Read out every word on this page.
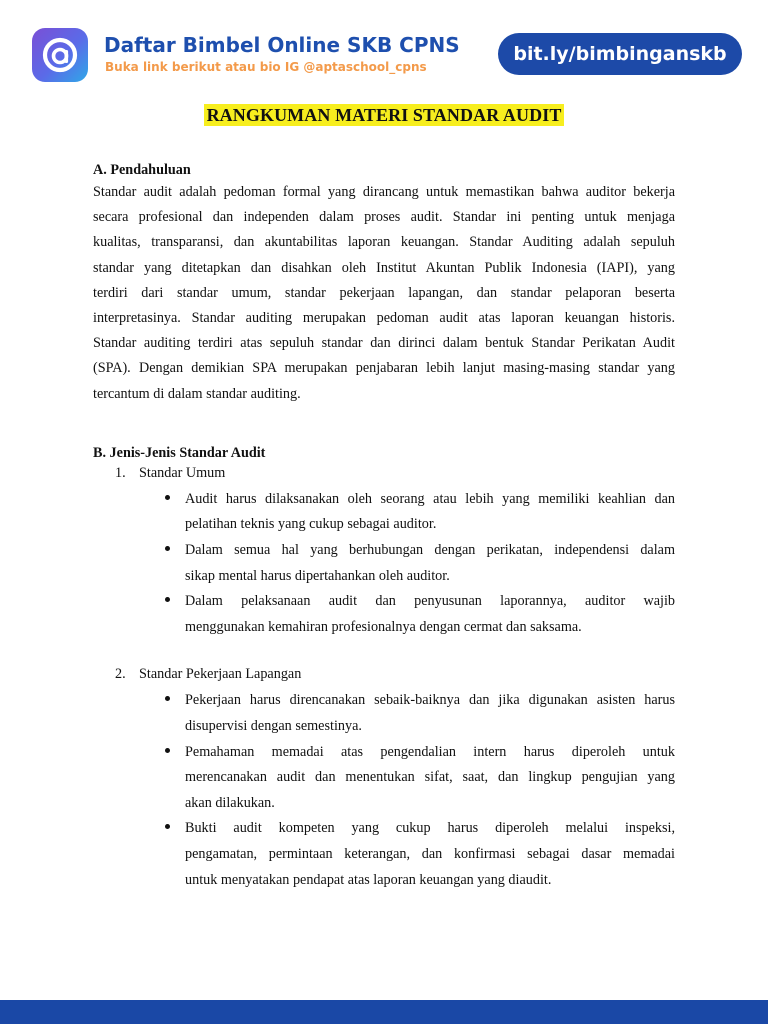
Daftar Bimbel Online SKB CPNS
Buka link berikut atau bio IG @aptaschool_cpns
bit.ly/bimbinganskb
RANGKUMAN MATERI STANDAR AUDIT
A. Pendahuluan

Standar audit adalah pedoman formal yang dirancang untuk memastikan bahwa auditor bekerja
secara profesional dan independen dalam proses audit. Standar ini penting untuk menjaga
kualitas, transparansi, dan akuntabilitas laporan keuangan. Standar Auditing adalah sepuluh
standar yang ditetapkan dan disahkan oleh Institut Akuntan Publik Indonesia (IAPI), yang
terdiri dari standar umum, standar pekerjaan lapangan, dan standar pelaporan beserta
interpretasinya. Standar auditing merupakan pedoman audit atas laporan keuangan historis.
Standar auditing terdiri atas sepuluh standar dan dirinci dalam bentuk Standar Perikatan Audit
(SPA). Dengan demikian SPA merupakan penjabaran lebih lanjut masing-masing standar yang
tercantum di dalam standar auditing.

B. Jenis-Jenis Standar Audit
1. Standar Umum
Audit harus dilaksanakan oleh seorang atau lebih yang memiliki keahlian dan
pelatihan teknis yang cukup sebagai auditor.
Dalam semua hal yang berhubungan dengan perikatan, independensi dalam
sikap mental harus dipertahankan oleh auditor.
Dalam pelaksanaan audit dan penyusunan laporannya, auditor wajib
menggunakan kemahiran profesionalnya dengan cermat dan saksama.
2. Standar Pekerjaan Lapangan
Pekerjaan harus direncanakan sebaik-baiknya dan jika digunakan asisten harus
disupervisi dengan semestinya.
Pemahaman memadai atas pengendalian intern harus diperoleh untuk
merencanakan audit dan menentukan sifat, saat, dan lingkup pengujian yang
akan dilakukan.
Bukti audit kompeten yang cukup harus diperoleh melalui inspeksi,
pengamatan, permintaan keterangan, dan konfirmasi sebagai dasar memadai
untuk menyatakan pendapat atas laporan keuangan yang diaudit.
